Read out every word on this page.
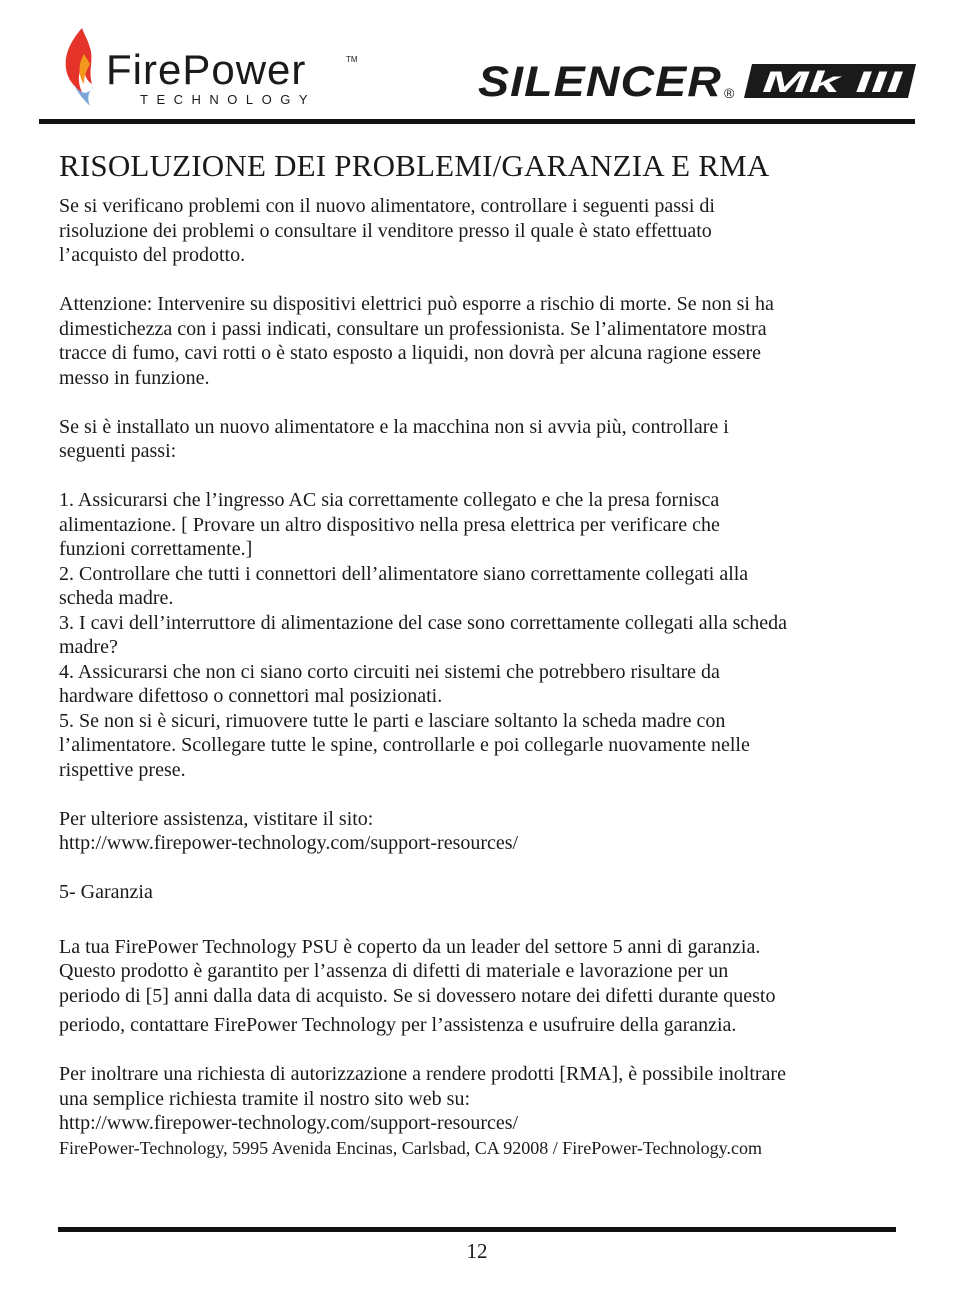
FirePower	TM
TECHNOLOGY	SILENCER ® Mk III
RISOLUZIONE DEI PROBLEMI/GARANZIA E RMA

Se si verificano problemi con il nuovo alimentatore, controllare i seguenti passi di
risoluzione dei problemi o consultare il venditore presso il quale è stato effettuato
l’acquisto del prodotto.

Attenzione: Intervenire su dispositivi elettrici può esporre a rischio di morte. Se non si ha
dimestichezza con i passi indicati, consultare un professionista. Se l’alimentatore mostra
tracce di fumo, cavi rotti o è stato esposto a liquidi, non dovrà per alcuna ragione essere
messo in funzione.

Se si è installato un nuovo alimentatore e la macchina non si avvia più, controllare i
seguenti passi:

1. Assicurarsi che l’ingresso AC sia correttamente collegato e che la presa fornisca
alimentazione. [ Provare un altro dispositivo nella presa elettrica per verificare che
funzioni correttamente.]

2. Controllare che tutti i connettori dell’alimentatore siano correttamente collegati alla
scheda madre.

3. I cavi dell’interruttore di alimentazione del case sono correttamente collegati alla scheda
madre?

4. Assicurarsi che non ci siano corto circuiti nei sistemi che potrebbero risultare da
hardware difettoso o connettori mal posizionati.

5. Se non si è sicuri, rimuovere tutte le parti e lasciare soltanto la scheda madre con
l’alimentatore. Scollegare tutte le spine, controllarle e poi collegarle nuovamente nelle
rispettive prese.

Per ulteriore assistenza, vistitare il sito:

http://www.firepower-technology.com/support-resources/

5- Garanzia

La tua FirePower Technology PSU è coperto da un leader del settore 5 anni di garanzia.
Questo prodotto è garantito per l’assenza di difetti di materiale e lavorazione per un
periodo di [5] anni dalla data di acquisto. Se si dovessero notare dei difetti durante questo

periodo, contattare FirePower Technology per l’assistenza e usufruire della garanzia.

Per inoltrare una richiesta di autorizzazione a rendere prodotti [RMA], è possibile inoltrare
una semplice richiesta tramite il nostro sito web su:

http://www.firepower-technology.com/support-resources/

FirePower-Technology, 5995 Avenida Encinas, Carlsbad, CA 92008 / FirePower-Technology.com

12
